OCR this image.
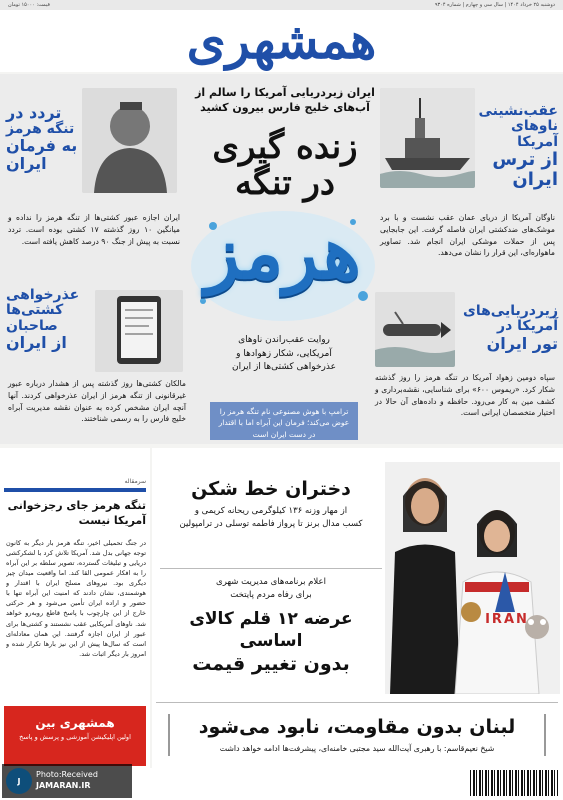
دوشنبه ۲۵ خرداد ۱۴۰۴ | سال سی و چهارم | شماره ۹۳۰۴
قیمت: ۱۵۰۰۰ تومان
همشهری
ایران زیردریایی آمریکا را سالم از
آب‌های خلیج فارس بیرون کشید
زنده گیری
در تنگه
هرمز
روایت عقب‌راندن ناوهای
آمریکایی، شکار زهوادها و
عذرخواهی کشتی‌ها از ایران
ترامپ با هوش مصنوعی نام تنگه هرمز را عوض می‌کند؛ فرمان این آبراه اما با اقتدار در دست ایران است
عقب‌نشینی
ناوهای آمریکا
از ترس
ایران
ناوگان آمریکا از دریای عمان عقب نشست و با برد موشک‌های ضدکشتی ایران فاصله گرفت. این جابجایی پس از حملات موشکی ایران انجام شد. تصاویر ماهواره‌ای، این قرار را نشان می‌دهد.
تردد در
تنگه هرمز
به فرمان
ایران
ایران اجازه عبور کشتی‌ها از تنگه هرمز را نداده و میانگین ۱۰ روز گذشته ۱۷ کشتی بوده است. تردد نسبت به پیش از جنگ ۹۰ درصد کاهش یافته است.
زیردریایی‌های
آمریکا در
تور ایران
سپاه دومین زهواد آمریکا در تنگه هرمز را روز گذشته شکار کرد. «ریموس ۶۰۰» برای شناسایی، نقشه‌برداری و کشف مین به کار می‌رود. حافظه و داده‌های آن حالا در اختیار متخصصان ایرانی است.
عذرخواهی
کشتی‌ها
صاحبان
از ایران
مالکان کشتی‌ها روز گذشته پس از هشدار درباره عبور غیرقانونی از تنگه هرمز از ایران عذرخواهی کردند. آنها آنچه ایران مشخص کرده به عنوان نقشه مدیریت آبراه خلیج فارس را به رسمی شناختند.
دختران خط شکن
از مهار وزنه ۱۳۶ کیلوگرمی ریحانه کریمی و
کسب مدال برنز تا پرواز فاطمه توسلی در ترامپولین
IRAN
اعلام برنامه‌های مدیریت شهری
برای رفاه مردم پایتخت
عرضه ۱۲ قلم کالای اساسی
بدون تغییر قیمت
لبنان بدون مقاومت، نابود می‌شود
شیخ نعیم‌قاسم: با رهبری آیت‌الله سید مجتبی خامنه‌ای، پیشرفت‌ها ادامه خواهد داشت
سرمقاله
تنگه هرمز جای رجزخوانی
آمریکا نیست
در جنگ تحمیلی اخیر، تنگه هرمز بار دیگر به کانون توجه جهانی بدل شد. آمریکا تلاش کرد با لشکرکشی دریایی و تبلیغات گسترده، تصویر سلطه بر این آبراه را به افکار عمومی القا کند. اما واقعیت میدان چیز دیگری بود. نیروهای مسلح ایران با اقتدار و هوشمندی، نشان دادند که امنیت این آبراه تنها با حضور و اراده ایران تأمین می‌شود و هر حرکتی خارج از این چارچوب با پاسخ قاطع روبه‌رو خواهد شد. ناوهای آمریکایی عقب نشستند و کشتی‌ها برای عبور از ایران اجازه گرفتند. این همان معادله‌ای است که سال‌ها پیش از این نیز بارها تکرار شده و امروز بار دیگر اثبات شد.
همشهری بین
اولین اپلیکیشن آموزشی و پرسش و پاسخ
J
Photo:Received
JAMARAN.IR
